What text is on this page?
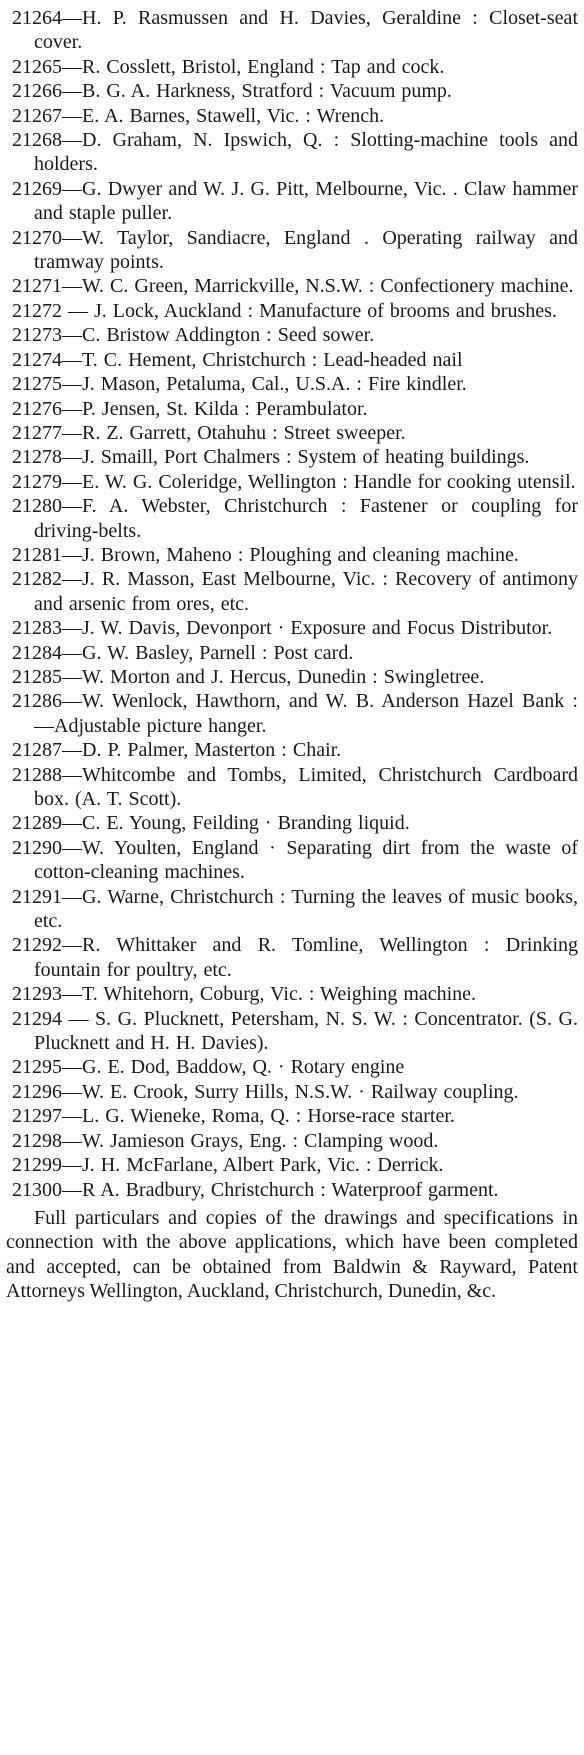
21264—H. P. Rasmussen and H. Davies, Geraldine : Closet-seat cover.

21265—R. Cosslett, Bristol, England : Tap and cock.

21266—B. G. A. Harkness, Stratford : Vacuum pump.

21267—E. A. Barnes, Stawell, Vic. : Wrench.

21268—D. Graham, N. Ipswich, Q. : Slotting-machine tools and holders.

21269—G. Dwyer and W. J. G. Pitt, Melbourne, Vic. . Claw hammer and staple puller.

21270—W. Taylor, Sandiacre, England . Operating railway and tramway points.

21271—W. C. Green, Marrickville, N.S.W. : Confectionery machine.

21272 — J. Lock, Auckland : Manufacture of brooms and brushes.

21273—C. Bristow Addington : Seed sower.

21274—T. C. Hement, Christchurch : Lead-headed nail

21275—J. Mason, Petaluma, Cal., U.S.A. : Fire kindler.

21276—P. Jensen, St. Kilda : Perambulator.

21277—R. Z. Garrett, Otahuhu : Street sweeper.

21278—J. Smaill, Port Chalmers : System of heating buildings.

21279—E. W. G. Coleridge, Wellington : Handle for cooking utensil.

21280—F. A. Webster, Christchurch : Fastener or coupling for driving-belts.

21281—J. Brown, Maheno : Ploughing and cleaning machine.

21282—J. R. Masson, East Melbourne, Vic. : Recovery of antimony and arsenic from ores, etc.

21283—J. W. Davis, Devonport · Exposure and Focus Distributor.

21284—G. W. Basley, Parnell : Post card.

21285—W. Morton and J. Hercus, Dunedin : Swingletree.

21286—W. Wenlock, Hawthorn, and W. B. Anderson Hazel Bank :—Adjustable picture hanger.

21287—D. P. Palmer, Masterton : Chair.

21288—Whitcombe and Tombs, Limited, Christchurch Cardboard box. (A. T. Scott).

21289—C. E. Young, Feilding · Branding liquid.

21290—W. Youlten, England · Separating dirt from the waste of cotton-cleaning machines.

21291—G. Warne, Christchurch : Turning the leaves of music books, etc.

21292—R. Whittaker and R. Tomline, Wellington : Drinking fountain for poultry, etc.

21293—T. Whitehorn, Coburg, Vic. : Weighing machine.

21294 — S. G. Plucknett, Petersham, N. S. W. : Concentrator. (S. G. Plucknett and H. H. Davies).

21295—G. E. Dod, Baddow, Q. · Rotary engine

21296—W. E. Crook, Surry Hills, N.S.W. · Railway coupling.

21297—L. G. Wieneke, Roma, Q. : Horse-race starter.

21298—W. Jamieson Grays, Eng. : Clamping wood.

21299—J. H. McFarlane, Albert Park, Vic. : Derrick.

21300—R A. Bradbury, Christchurch : Waterproof garment.

Full particulars and copies of the drawings and specifications in connection with the above applications, which have been completed and accepted, can be obtained from Baldwin & Rayward, Patent Attorneys Wellington, Auckland, Christchurch, Dunedin, &c.
